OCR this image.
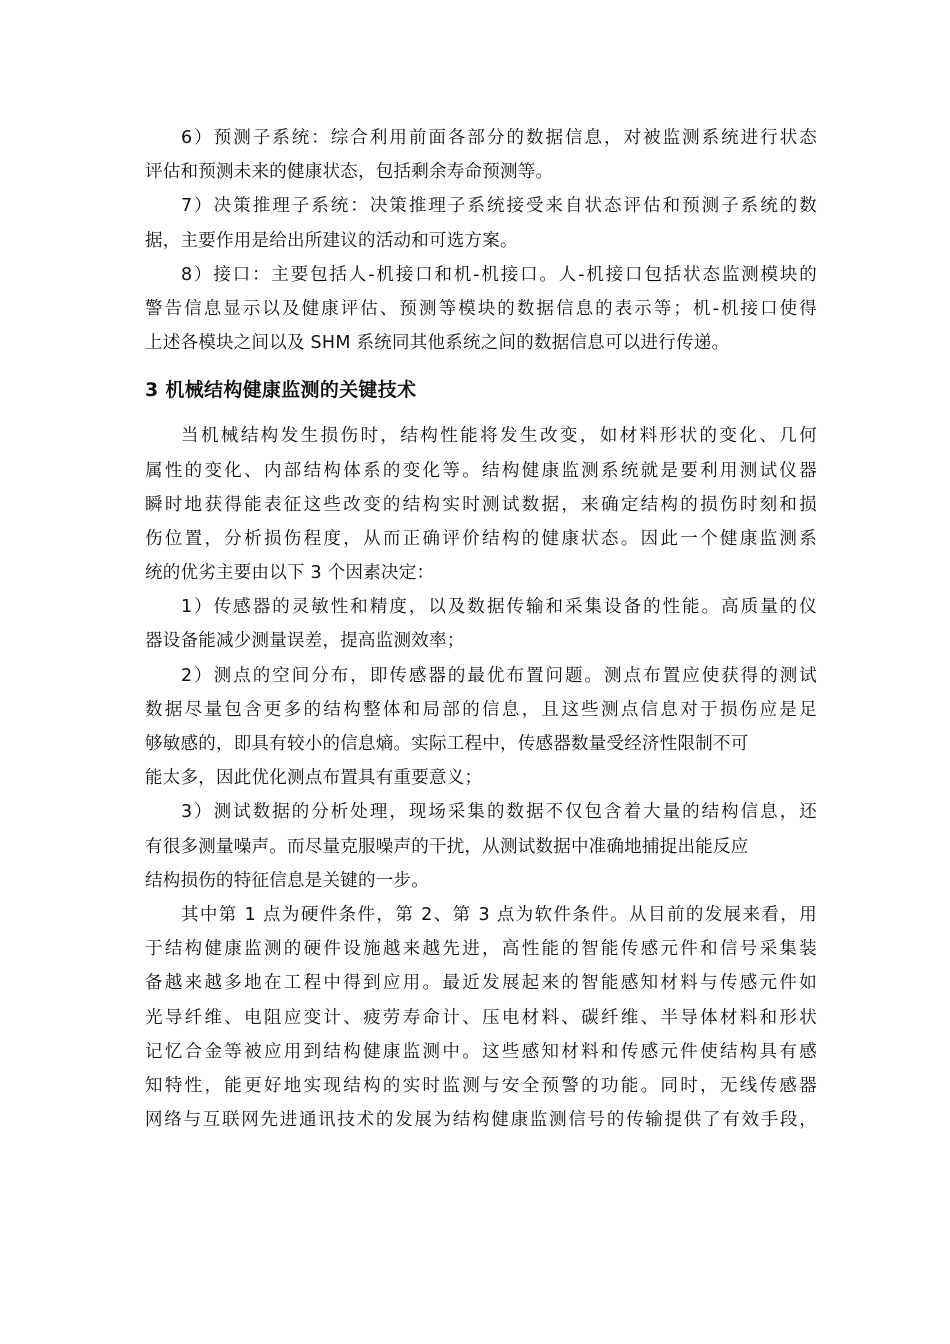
6）预测子系统：综合利用前面各部分的数据信息，对被监测系统进行状态
评估和预测未来的健康状态，包括剩余寿命预测等。
7）决策推理子系统：决策推理子系统接受来自状态评估和预测子系统的数
据，主要作用是给出所建议的活动和可选方案。
8）接口：主要包括人-机接口和机-机接口。人-机接口包括状态监测模块的
警告信息显示以及健康评估、预测等模块的数据信息的表示等；机-机接口使得
上述各模块之间以及 SHM 系统同其他系统之间的数据信息可以进行传递。
3 机械结构健康监测的关键技术
当机械结构发生损伤时，结构性能将发生改变，如材料形状的变化、几何
属性的变化、内部结构体系的变化等。结构健康监测系统就是要利用测试仪器
瞬时地获得能表征这些改变的结构实时测试数据，来确定结构的损伤时刻和损
伤位置，分析损伤程度，从而正确评价结构的健康状态。因此一个健康监测系
统的优劣主要由以下 3 个因素决定：
1）传感器的灵敏性和精度，以及数据传输和采集设备的性能。高质量的仪
器设备能减少测量误差，提高监测效率；
2）测点的空间分布，即传感器的最优布置问题。测点布置应使获得的测试
数据尽量包含更多的结构整体和局部的信息，且这些测点信息对于损伤应是足
够敏感的，即具有较小的信息熵。实际工程中，传感器数量受经济性限制不可
能太多，因此优化测点布置具有重要意义；
3）测试数据的分析处理，现场采集的数据不仅包含着大量的结构信息，还
有很多测量噪声。而尽量克服噪声的干扰，从测试数据中准确地捕捉出能反应
结构损伤的特征信息是关键的一步。
其中第 1 点为硬件条件，第 2、第 3 点为软件条件。从目前的发展来看，用
于结构健康监测的硬件设施越来越先进，高性能的智能传感元件和信号采集装
备越来越多地在工程中得到应用。最近发展起来的智能感知材料与传感元件如
光导纤维、电阻应变计、疲劳寿命计、压电材料、碳纤维、半导体材料和形状
记忆合金等被应用到结构健康监测中。这些感知材料和传感元件使结构具有感
知特性，能更好地实现结构的实时监测与安全预警的功能。同时，无线传感器
网络与互联网先进通讯技术的发展为结构健康监测信号的传输提供了有效手段，
